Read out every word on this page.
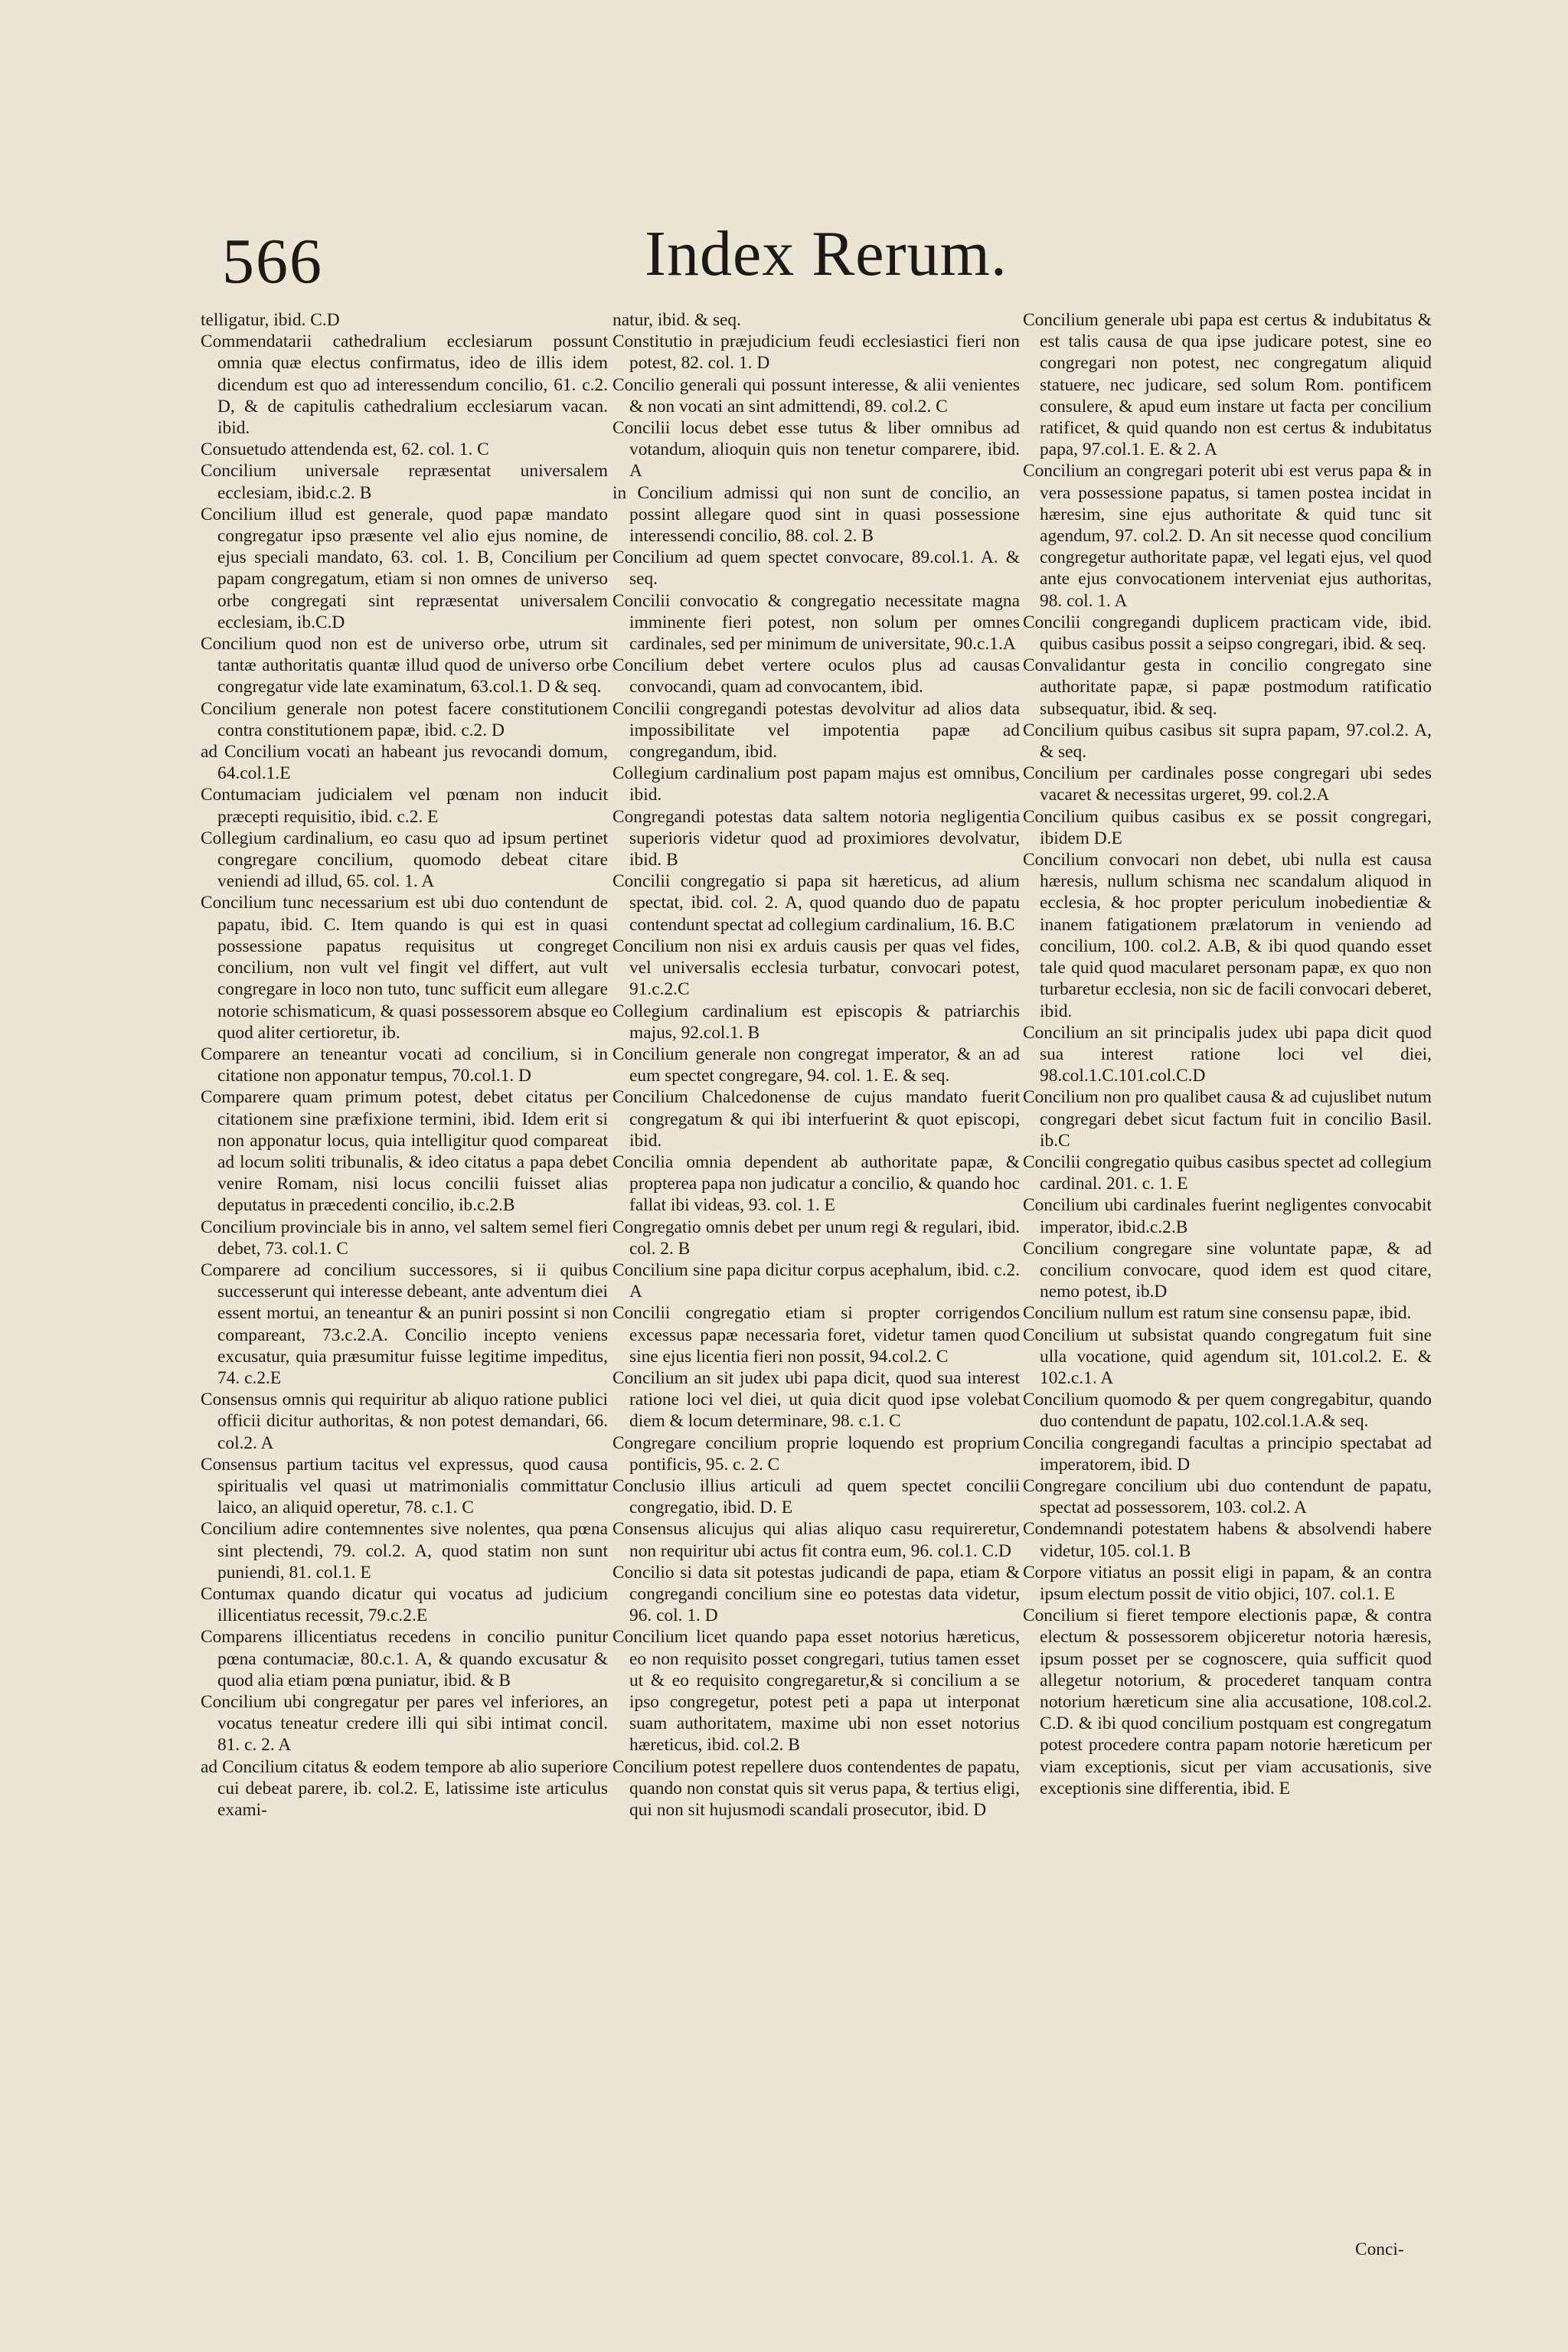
566	Index Rerum.

telligatur, ibid. C.D

Commendatarii cathedralium ecclesiarum possunt omnia quæ electus confirmatus, ideo de illis idem dicendum est quo ad interessendum concilio, 61. c.2. D, & de capitulis cathedralium ecclesiarum vacan. ibid.

Consuetudo attendenda est, 62. col. 1. C

Concilium universale repræsentat universalem ecclesiam, ibid.c.2. B

Concilium illud est generale, quod papæ mandato congregatur ipso præsente vel alio ejus nomine, de ejus speciali mandato, 63. col. 1. B, Concilium per papam congregatum, etiam si non omnes de universo orbe congregati sint repræsentat universalem ecclesiam, ib.C.D

Concilium quod non est de universo orbe, utrum sit tantæ authoritatis quantæ illud quod de universo orbe congregatur vide late examinatum, 63.col.1. D & seq.

Concilium generale non potest facere constitutionem contra constitutionem papæ, ibid. c.2. D

ad Concilium vocati an habeant jus revocandi domum, 64.col.1.E

Contumaciam judicialem vel pœnam non inducit præcepti requisitio, ibid. c.2. E

Collegium cardinalium, eo casu quo ad ipsum pertinet congregare concilium, quomodo debeat citare veniendi ad illud, 65. col. 1. A

Concilium tunc necessarium est ubi duo contendunt de papatu, ibid. C. Item quando is qui est in quasi possessione papatus requisitus ut congreget concilium, non vult vel fingit vel differt, aut vult congregare in loco non tuto, tunc sufficit eum allegare notorie schismaticum, & quasi possessorem absque eo quod aliter certioretur, ib.

Comparere an teneantur vocati ad concilium, si in citatione non apponatur tempus, 70.col.1. D

Comparere quam primum potest, debet citatus per citationem sine præfixione termini, ibid. Idem erit si non apponatur locus, quia intelligitur quod compareat ad locum soliti tribunalis, & ideo citatus a papa debet venire Romam, nisi locus concilii fuisset alias deputatus in præcedenti concilio, ib.c.2.B

Concilium provinciale bis in anno, vel saltem semel fieri debet, 73. col.1. C

Comparere ad concilium successores, si ii quibus successerunt qui interesse debeant, ante adventum diei essent mortui, an teneantur & an puniri possint si non compareant, 73.c.2.A. Concilio incepto veniens excusatur, quia præsumitur fuisse legitime impeditus, 74. c.2.E

Consensus omnis qui requiritur ab aliquo ratione publici officii dicitur authoritas, & non potest demandari, 66. col.2. A

Consensus partium tacitus vel expressus, quod causa spiritualis vel quasi ut matrimonialis committatur laico, an aliquid operetur, 78. c.1. C

Concilium adire contemnentes sive nolentes, qua pœna sint plectendi, 79. col.2. A, quod statim non sunt puniendi, 81. col.1. E

Contumax quando dicatur qui vocatus ad judicium illicentiatus recessit, 79.c.2.E

Comparens illicentiatus recedens in concilio punitur pœna contumaciæ, 80.c.1. A, & quando excusatur & quod alia etiam pœna puniatur, ibid. & B

Concilium ubi congregatur per pares vel inferiores, an vocatus teneatur credere illi qui sibi intimat concil. 81. c. 2. A

ad Concilium citatus & eodem tempore ab alio superiore cui debeat parere, ib. col.2. E, latissime iste articulus exami-

natur, ibid. & seq.

Constitutio in præjudicium feudi ecclesiastici fieri non potest, 82. col. 1. D

Concilio generali qui possunt interesse, & alii venientes & non vocati an sint admittendi, 89. col.2. C

Concilii locus debet esse tutus & liber omnibus ad votandum, alioquin quis non tenetur comparere, ibid. A

in Concilium admissi qui non sunt de concilio, an possint allegare quod sint in quasi possessione interessendi concilio, 88. col. 2. B

Concilium ad quem spectet convocare, 89.col.1. A. & seq.

Concilii convocatio & congregatio necessitate magna imminente fieri potest, non solum per omnes cardinales, sed per minimum de universitate, 90.c.1.A

Concilium debet vertere oculos plus ad causas convocandi, quam ad convocantem, ibid.

Concilii congregandi potestas devolvitur ad alios data impossibilitate vel impotentia papæ ad congregandum, ibid.

Collegium cardinalium post papam majus est omnibus, ibid.

Congregandi potestas data saltem notoria negligentia superioris videtur quod ad proximiores devolvatur, ibid. B

Concilii congregatio si papa sit hæreticus, ad alium spectat, ibid. col. 2. A, quod quando duo de papatu contendunt spectat ad collegium cardinalium, 16. B.C

Concilium non nisi ex arduis causis per quas vel fides, vel universalis ecclesia turbatur, convocari potest, 91.c.2.C

Collegium cardinalium est episcopis & patriarchis majus, 92.col.1. B

Concilium generale non congregat imperator, & an ad eum spectet congregare, 94. col. 1. E. & seq.

Concilium Chalcedonense de cujus mandato fuerit congregatum & qui ibi interfuerint & quot episcopi, ibid.

Concilia omnia dependent ab authoritate papæ, & propterea papa non judicatur a concilio, & quando hoc fallat ibi videas, 93. col. 1. E

Congregatio omnis debet per unum regi & regulari, ibid. col. 2. B

Concilium sine papa dicitur corpus acephalum, ibid. c.2. A

Concilii congregatio etiam si propter corrigendos excessus papæ necessaria foret, videtur tamen quod sine ejus licentia fieri non possit, 94.col.2. C

Concilium an sit judex ubi papa dicit, quod sua interest ratione loci vel diei, ut quia dicit quod ipse volebat diem & locum determinare, 98. c.1. C

Congregare concilium proprie loquendo est proprium pontificis, 95. c. 2. C

Conclusio illius articuli ad quem spectet concilii congregatio, ibid. D. E

Consensus alicujus qui alias aliquo casu requireretur, non requiritur ubi actus fit contra eum, 96. col.1. C.D

Concilio si data sit potestas judicandi de papa, etiam & congregandi concilium sine eo potestas data videtur, 96. col. 1. D

Concilium licet quando papa esset notorius hæreticus, eo non requisito posset congregari, tutius tamen esset ut & eo requisito congregaretur,& si concilium a se ipso congregetur, potest peti a papa ut interponat suam authoritatem, maxime ubi non esset notorius hæreticus, ibid. col.2. B

Concilium potest repellere duos contendentes de papatu, quando non constat quis sit verus papa, & tertius eligi, qui non sit hujusmodi scandali prosecutor, ibid. D

Concilium generale ubi papa est certus & indubitatus & est talis causa de qua ipse judicare potest, sine eo congregari non potest, nec congregatum aliquid statuere, nec judicare, sed solum Rom. pontificem consulere, & apud eum instare ut facta per concilium ratificet, & quid quando non est certus & indubitatus papa, 97.col.1. E. & 2. A

Concilium an congregari poterit ubi est verus papa & in vera possessione papatus, si tamen postea incidat in hæresim, sine ejus authoritate & quid tunc sit agendum, 97. col.2. D. An sit necesse quod concilium congregetur authoritate papæ, vel legati ejus, vel quod ante ejus convocationem interveniat ejus authoritas, 98. col. 1. A

Concilii congregandi duplicem practicam vide, ibid. quibus casibus possit a seipso congregari, ibid. & seq.

Convalidantur gesta in concilio congregato sine authoritate papæ, si papæ postmodum ratificatio subsequatur, ibid. & seq.

Concilium quibus casibus sit supra papam, 97.col.2. A, & seq.

Concilium per cardinales posse congregari ubi sedes vacaret & necessitas urgeret, 99. col.2.A

Concilium quibus casibus ex se possit congregari, ibidem D.E

Concilium convocari non debet, ubi nulla est causa hæresis, nullum schisma nec scandalum aliquod in ecclesia, & hoc propter periculum inobedientiæ & inanem fatigationem prælatorum in veniendo ad concilium, 100. col.2. A.B, & ibi quod quando esset tale quid quod macularet personam papæ, ex quo non turbaretur ecclesia, non sic de facili convocari deberet, ibid.

Concilium an sit principalis judex ubi papa dicit quod sua interest ratione loci vel diei, 98.col.1.C.101.col.C.D

Concilium non pro qualibet causa & ad cujuslibet nutum congregari debet sicut factum fuit in concilio Basil. ib.C

Concilii congregatio quibus casibus spectet ad collegium cardinal. 201. c. 1. E

Concilium ubi cardinales fuerint negligentes convocabit imperator, ibid.c.2.B

Concilium congregare sine voluntate papæ, & ad concilium convocare, quod idem est quod citare, nemo potest, ib.D

Concilium nullum est ratum sine consensu papæ, ibid.

Concilium ut subsistat quando congregatum fuit sine ulla vocatione, quid agendum sit, 101.col.2. E. & 102.c.1. A

Concilium quomodo & per quem congregabitur, quando duo contendunt de papatu, 102.col.1.A.& seq.

Concilia congregandi facultas a principio spectabat ad imperatorem, ibid. D

Congregare concilium ubi duo contendunt de papatu, spectat ad possessorem, 103. col.2. A

Condemnandi potestatem habens & absolvendi habere videtur, 105. col.1. B

Corpore vitiatus an possit eligi in papam, & an contra ipsum electum possit de vitio objici, 107. col.1. E

Concilium si fieret tempore electionis papæ, & contra electum & possessorem objiceretur notoria hæresis, ipsum posset per se cognoscere, quia sufficit quod allegetur notorium, & procederet tanquam contra notorium hæreticum sine alia accusatione, 108.col.2. C.D. & ibi quod concilium postquam est congregatum potest procedere contra papam notorie hæreticum per viam exceptionis, sicut per viam accusationis, sive exceptionis sine differentia, ibid. E

Conci-
